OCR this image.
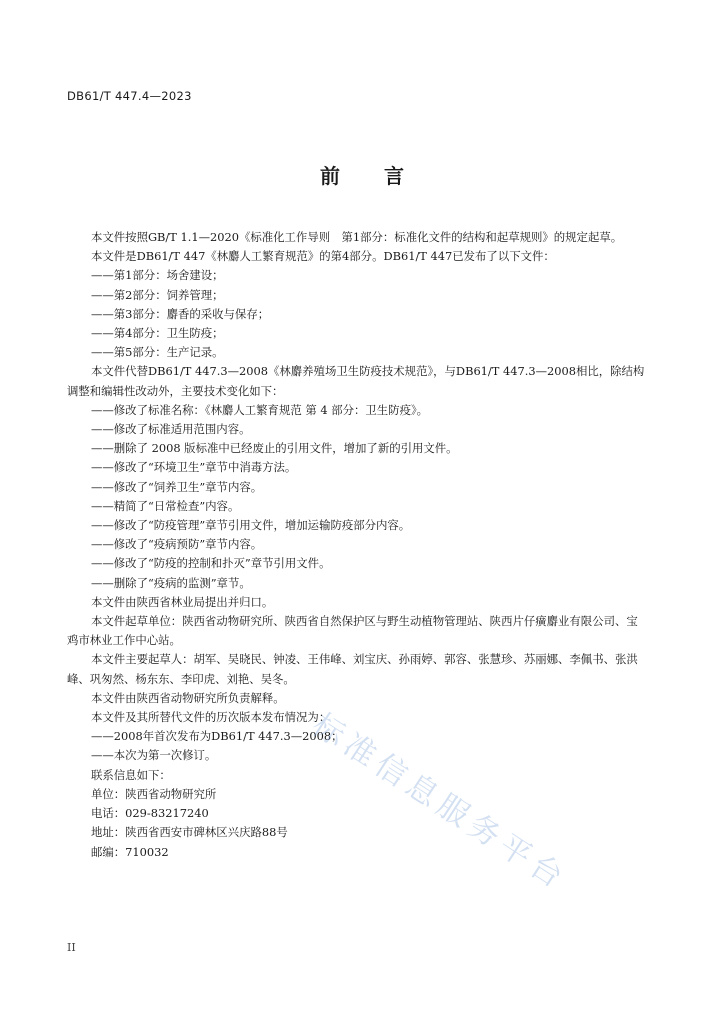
DB61/T 447.4—2023
前言

本文件按照GB/T 1.1—2020《标准化工作导则　第1部分：标准化文件的结构和起草规则》的规定起草。

本文件是DB61/T 447《林麝人工繁育规范》的第4部分。DB61/T 447已发布了以下文件：

——第1部分：场舍建设；

——第2部分：饲养管理；

——第3部分：麝香的采收与保存；

——第4部分：卫生防疫；

——第5部分：生产记录。

本文件代替DB61/T 447.3—2008《林麝养殖场卫生防疫技术规范》，与DB61/T 447.3—2008相比，除结构调整和编辑性改动外，主要技术变化如下：

——修改了标准名称：《林麝人工繁育规范 第 4 部分：卫生防疫》。

——修改了标准适用范围内容。

——删除了 2008 版标准中已经废止的引用文件，增加了新的引用文件。

——修改了“环境卫生”章节中消毒方法。

——修改了“饲养卫生”章节内容。

——精简了“日常检查”内容。

——修改了“防疫管理”章节引用文件，增加运输防疫部分内容。

——修改了“疫病预防”章节内容。

——修改了“防疫的控制和扑灭”章节引用文件。

——删除了“疫病的监测”章节。

本文件由陕西省林业局提出并归口。

本文件起草单位：陕西省动物研究所、陕西省自然保护区与野生动植物管理站、陕西片仔癀麝业有限公司、宝鸡市林业工作中心站。

本文件主要起草人：胡军、吴晓民、钟凌、王伟峰、刘宝庆、孙雨婷、郭容、张慧珍、苏丽娜、李佩书、张洪峰、巩匆然、杨东东、李印虎、刘艳、吴冬。

本文件由陕西省动物研究所负责解释。

本文件及其所替代文件的历次版本发布情况为：

——2008年首次发布为DB61/T 447.3—2008；

——本次为第一次修订。

联系信息如下：

单位：陕西省动物研究所

电话：029-83217240

地址：陕西省西安市碑林区兴庆路88号

邮编：710032	标准信息服务平台
II
